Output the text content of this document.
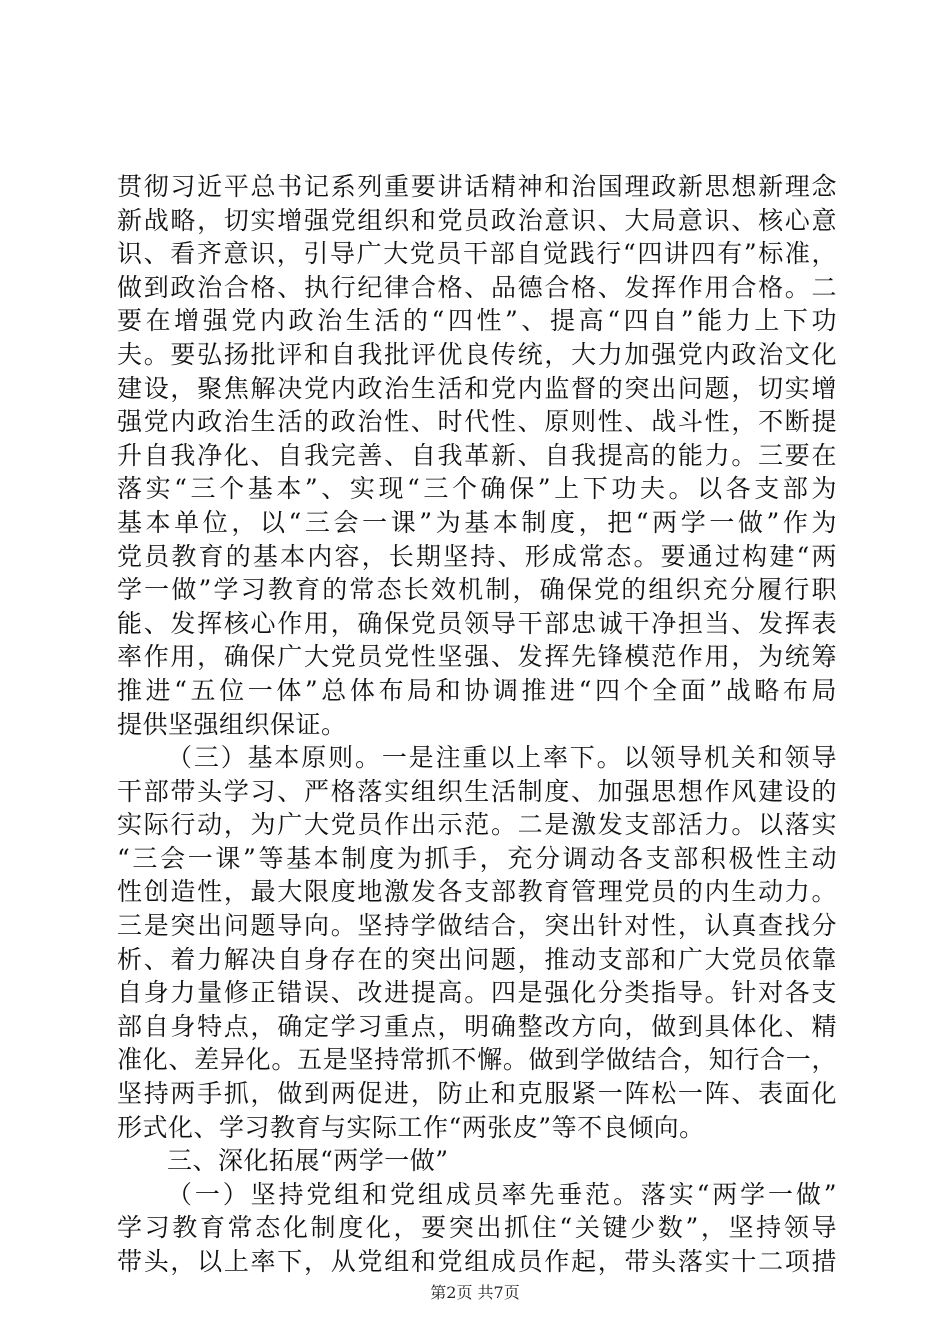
贯彻习近平总书记系列重要讲话精神和治国理政新思想新理念
新战略，切实增强党组织和党员政治意识、大局意识、核心意
识、看齐意识，引导广大党员干部自觉践行“四讲四有”标准，
做到政治合格、执行纪律合格、品德合格、发挥作用合格。二
要在增强党内政治生活的“四性”、提高“四自”能力上下功
夫。要弘扬批评和自我批评优良传统，大力加强党内政治文化
建设，聚焦解决党内政治生活和党内监督的突出问题，切实增
强党内政治生活的政治性、时代性、原则性、战斗性，不断提
升自我净化、自我完善、自我革新、自我提高的能力。三要在
落实“三个基本”、实现“三个确保”上下功夫。以各支部为
基本单位，以“三会一课”为基本制度，把“两学一做”作为
党员教育的基本内容，长期坚持、形成常态。要通过构建“两
学一做”学习教育的常态长效机制，确保党的组织充分履行职
能、发挥核心作用，确保党员领导干部忠诚干净担当、发挥表
率作用，确保广大党员党性坚强、发挥先锋模范作用，为统筹
推进“五位一体”总体布局和协调推进“四个全面”战略布局
提供坚强组织保证。
（三）基本原则。一是注重以上率下。以领导机关和领导
干部带头学习、严格落实组织生活制度、加强思想作风建设的
实际行动，为广大党员作出示范。二是激发支部活力。以落实
“三会一课”等基本制度为抓手，充分调动各支部积极性主动
性创造性，最大限度地激发各支部教育管理党员的内生动力。
三是突出问题导向。坚持学做结合，突出针对性，认真查找分
析、着力解决自身存在的突出问题，推动支部和广大党员依靠
自身力量修正错误、改进提高。四是强化分类指导。针对各支
部自身特点，确定学习重点，明确整改方向，做到具体化、精
准化、差异化。五是坚持常抓不懈。做到学做结合，知行合一，
坚持两手抓，做到两促进，防止和克服紧一阵松一阵、表面化
形式化、学习教育与实际工作“两张皮”等不良倾向。
三、深化拓展“两学一做”
（一）坚持党组和党组成员率先垂范。落实“两学一做”
学习教育常态化制度化，要突出抓住“关键少数”，坚持领导
带头，以上率下，从党组和党组成员作起，带头落实十二项措
第2页 共7页
